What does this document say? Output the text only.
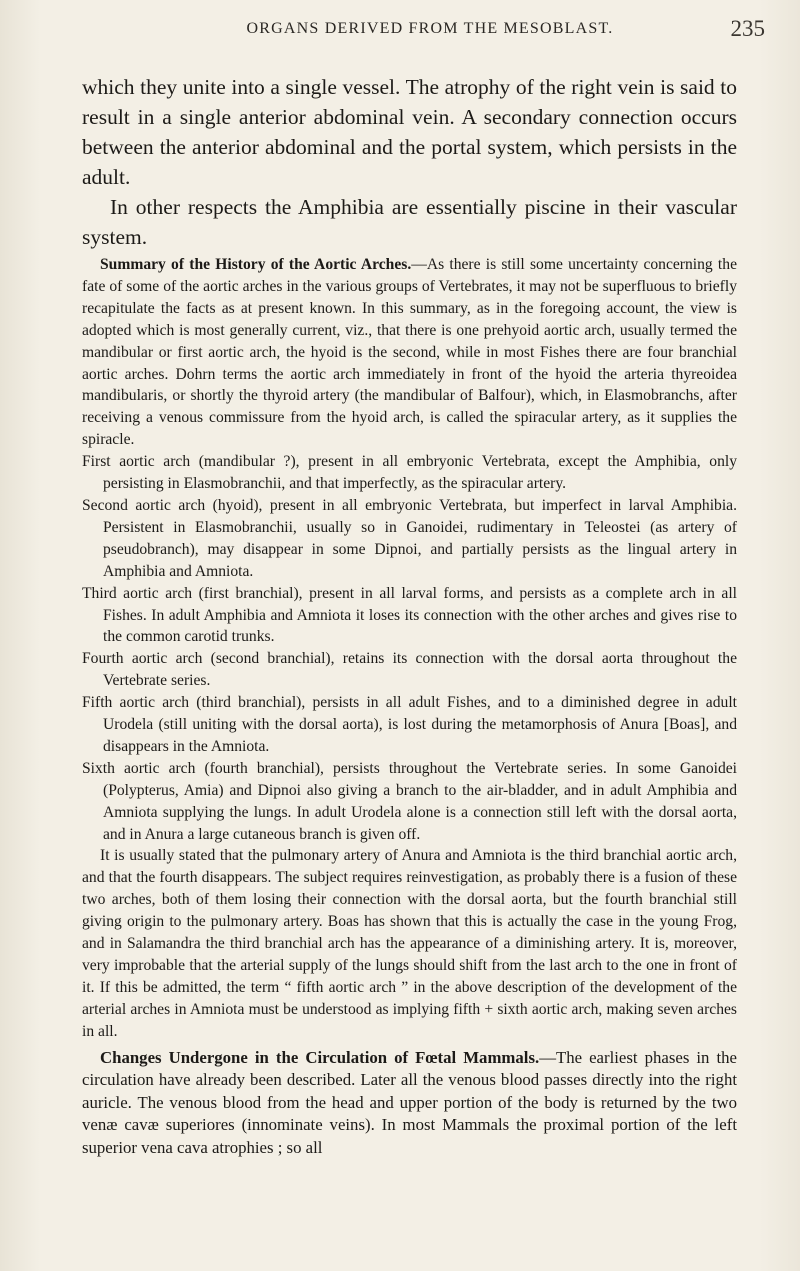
ORGANS DERIVED FROM THE MESOBLAST.	235

which they unite into a single vessel. The atrophy of the right vein is said to result in a single anterior abdominal vein. A secondary connection occurs between the anterior abdominal and the portal system, which persists in the adult.

In other respects the Amphibia are essentially piscine in their vascular system.

Summary of the History of the Aortic Arches.—As there is still some uncertainty concerning the fate of some of the aortic arches in the various groups of Vertebrates, it may not be superfluous to briefly recapitulate the facts as at present known. In this summary, as in the foregoing account, the view is adopted which is most generally current, viz., that there is one prehyoid aortic arch, usually termed the mandibular or first aortic arch, the hyoid is the second, while in most Fishes there are four branchial aortic arches. Dohrn terms the aortic arch immediately in front of the hyoid the arteria thyreoidea mandibularis, or shortly the thyroid artery (the mandibular of Balfour), which, in Elasmobranchs, after receiving a venous commissure from the hyoid arch, is called the spiracular artery, as it supplies the spiracle.

First aortic arch (mandibular ?), present in all embryonic Vertebrata, except the Amphibia, only persisting in Elasmobranchii, and that imperfectly, as the spiracular artery.

Second aortic arch (hyoid), present in all embryonic Vertebrata, but imperfect in larval Amphibia. Persistent in Elasmobranchii, usually so in Ganoidei, rudimentary in Teleostei (as artery of pseudobranch), may disappear in some Dipnoi, and partially persists as the lingual artery in Amphibia and Amniota.

Third aortic arch (first branchial), present in all larval forms, and persists as a complete arch in all Fishes. In adult Amphibia and Amniota it loses its connection with the other arches and gives rise to the common carotid trunks.

Fourth aortic arch (second branchial), retains its connection with the dorsal aorta throughout the Vertebrate series.

Fifth aortic arch (third branchial), persists in all adult Fishes, and to a diminished degree in adult Urodela (still uniting with the dorsal aorta), is lost during the metamorphosis of Anura [Boas], and disappears in the Amniota.

Sixth aortic arch (fourth branchial), persists throughout the Vertebrate series. In some Ganoidei (Polypterus, Amia) and Dipnoi also giving a branch to the air-bladder, and in adult Amphibia and Amniota supplying the lungs. In adult Urodela alone is a connection still left with the dorsal aorta, and in Anura a large cutaneous branch is given off.

It is usually stated that the pulmonary artery of Anura and Amniota is the third branchial aortic arch, and that the fourth disappears. The subject requires reinvestigation, as probably there is a fusion of these two arches, both of them losing their connection with the dorsal aorta, but the fourth branchial still giving origin to the pulmonary artery. Boas has shown that this is actually the case in the young Frog, and in Salamandra the third branchial arch has the appearance of a diminishing artery. It is, moreover, very improbable that the arterial supply of the lungs should shift from the last arch to the one in front of it. If this be admitted, the term “ fifth aortic arch ” in the above description of the development of the arterial arches in Amniota must be understood as implying fifth + sixth aortic arch, making seven arches in all.

Changes Undergone in the Circulation of Fœtal Mammals.—The earliest phases in the circulation have already been described. Later all the venous blood passes directly into the right auricle. The venous blood from the head and upper portion of the body is returned by the two venæ cavæ superiores (innominate veins). In most Mammals the proximal portion of the left superior vena cava atrophies ; so all
